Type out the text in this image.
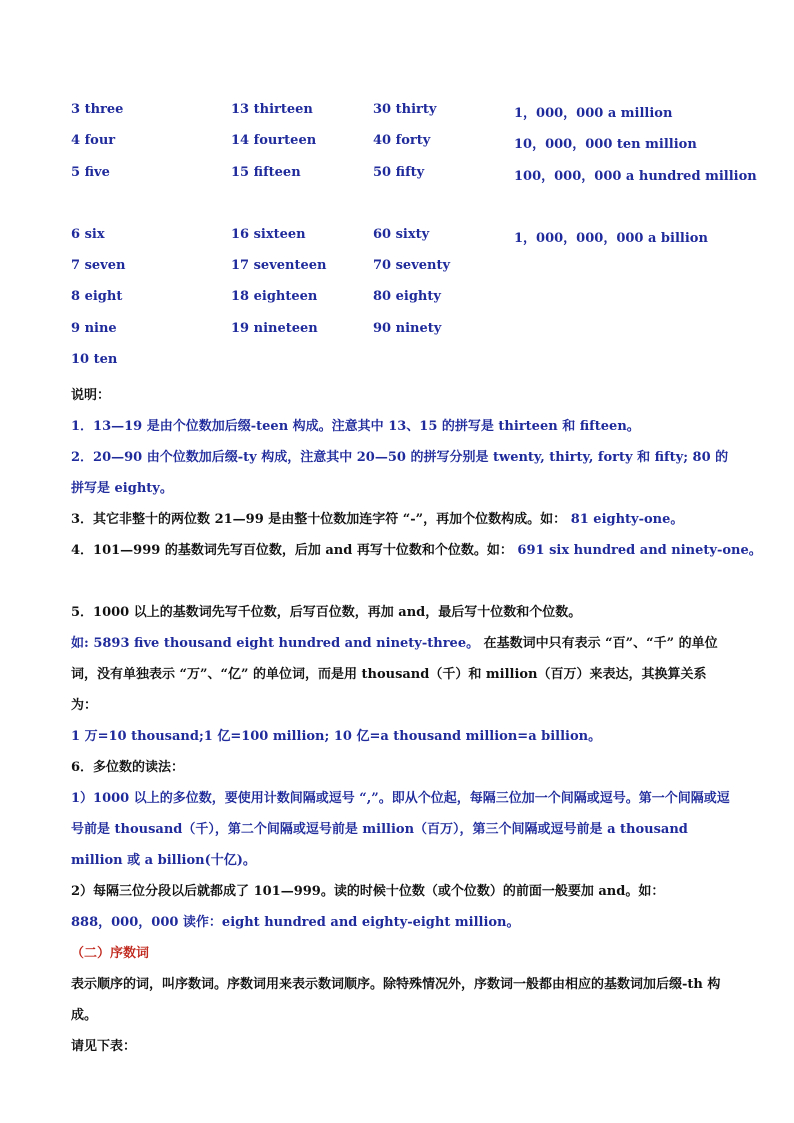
3 three	13 thirteen	30 thirty	1，000，000 a million
4 four	14 fourteen	40 forty	10，000，000 ten million
5 five	15 fifteen	50 fifty	100，000，000 a hundred million
6 six	16 sixteen	60 sixty	1，000，000，000 a billion
7 seven	17 seventeen	70 seventy
8 eight	18 eighteen	80 eighty
9 nine	19 nineteen	90 ninety
10 ten
说明：
1．13—19 是由个位数加后缀-teen 构成。注意其中 13、15 的拼写是 thirteen 和 fifteen。
2．20—90 由个位数加后缀-ty 构成，注意其中 20—50 的拼写分别是 twenty, thirty, forty 和 fifty; 80 的拼写是 eighty。
3．其它非整十的两位数 21—99 是由整十位数加连字符 “-”，再加个位数构成。如： 81 eighty-one。
4．101—999 的基数词先写百位数，后加 and 再写十位数和个位数。如： 691 six hundred and ninety-one。
5．1000 以上的基数词先写千位数，后写百位数，再加 and，最后写十位数和个位数。
如: 5893 five thousand eight hundred and ninety-three。 在基数词中只有表示 “百”、“千” 的单位词，没有单独表示 “万”、“亿” 的单位词，而是用 thousand（千）和 million（百万）来表达，其换算关系为：
1 万=10 thousand;1 亿=100 million; 10 亿=a thousand million=a billion。
6．多位数的读法：
1）1000 以上的多位数，要使用计数间隔或逗号 “,”。即从个位起，每隔三位加一个间隔或逗号。第一个间隔或逗号前是 thousand（千），第二个间隔或逗号前是 million（百万），第三个间隔或逗号前是 a thousand million 或 a billion(十亿)。
2）每隔三位分段以后就都成了 101—999。读的时候十位数（或个位数）的前面一般要加 and。如：
888，000，000 读作：eight hundred and eighty-eight million。
（二）序数词
表示顺序的词，叫序数词。序数词用来表示数词顺序。除特殊情况外，序数词一般都由相应的基数词加后缀-th 构成。
请见下表：
